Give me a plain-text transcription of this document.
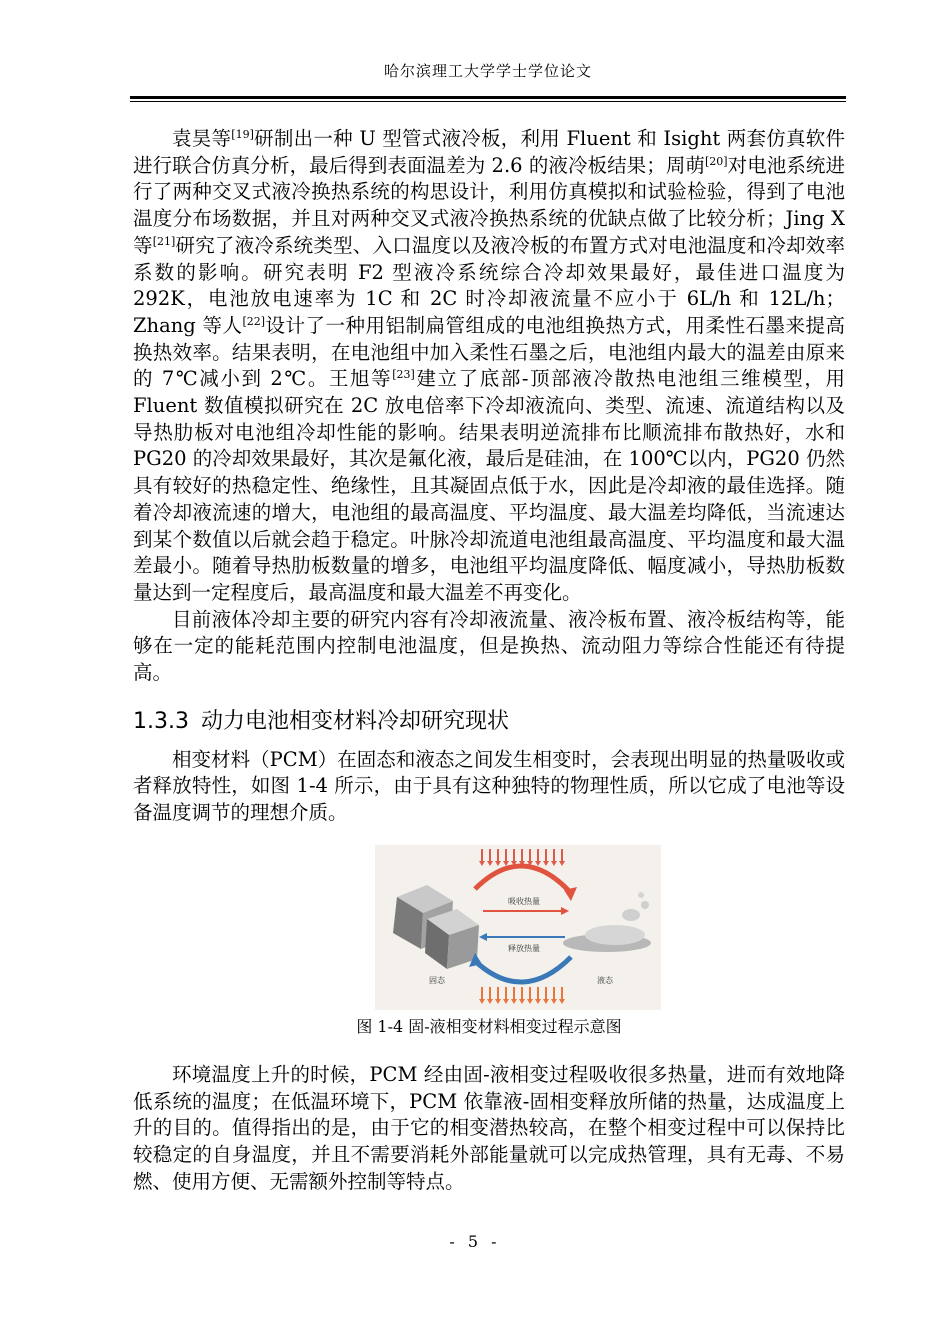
哈尔滨理工大学学士学位论文

袁昊等[19]研制出一种 U 型管式液冷板，利用 Fluent 和 Isight 两套仿真软件进行联合仿真分析，最后得到表面温差为 2.6 的液冷板结果；周萌[20]对电池系统进行了两种交叉式液冷换热系统的构思设计，利用仿真模拟和试验检验，得到了电池温度分布场数据，并且对两种交叉式液冷换热系统的优缺点做了比较分析；Jing X 等[21]研究了液冷系统类型、入口温度以及液冷板的布置方式对电池温度和冷却效率系数的影响。研究表明 F2 型液冷系统综合冷却效果最好，最佳进口温度为 292K，电池放电速率为 1C 和 2C 时冷却液流量不应小于 6L/h 和 12L/h；Zhang 等人[22]设计了一种用铝制扁管组成的电池组换热方式，用柔性石墨来提高换热效率。结果表明，在电池组中加入柔性石墨之后，电池组内最大的温差由原来的 7℃减小到 2℃。王旭等[23]建立了底部-顶部液冷散热电池组三维模型，用 Fluent 数值模拟研究在 2C 放电倍率下冷却液流向、类型、流速、流道结构以及导热肋板对电池组冷却性能的影响。结果表明逆流排布比顺流排布散热好，水和 PG20 的冷却效果最好，其次是氟化液，最后是硅油，在 100℃以内，PG20 仍然具有较好的热稳定性、绝缘性，且其凝固点低于水，因此是冷却液的最佳选择。随着冷却液流速的增大，电池组的最高温度、平均温度、最大温差均降低，当流速达到某个数值以后就会趋于稳定。叶脉冷却流道电池组最高温度、平均温度和最大温差最小。随着导热肋板数量的增多，电池组平均温度降低、幅度减小，导热肋板数量达到一定程度后，最高温度和最大温差不再变化。

目前液体冷却主要的研究内容有冷却液流量、液冷板布置、液冷板结构等，能够在一定的能耗范围内控制电池温度，但是换热、流动阻力等综合性能还有待提高。

1.3.3 动力电池相变材料冷却研究现状

相变材料（PCM）在固态和液态之间发生相变时，会表现出明显的热量吸收或者释放特性，如图 1-4 所示，由于具有这种独特的物理性质，所以它成了电池等设备温度调节的理想介质。

吸收热量
释放热量
固态	液态
图 1-4 固-液相变材料相变过程示意图

环境温度上升的时候，PCM 经由固-液相变过程吸收很多热量，进而有效地降低系统的温度；在低温环境下，PCM 依靠液-固相变释放所储的热量，达成温度上升的目的。值得指出的是，由于它的相变潜热较高，在整个相变过程中可以保持比较稳定的自身温度，并且不需要消耗外部能量就可以完成热管理，具有无毒、不易燃、使用方便、无需额外控制等特点。

- 5 -
